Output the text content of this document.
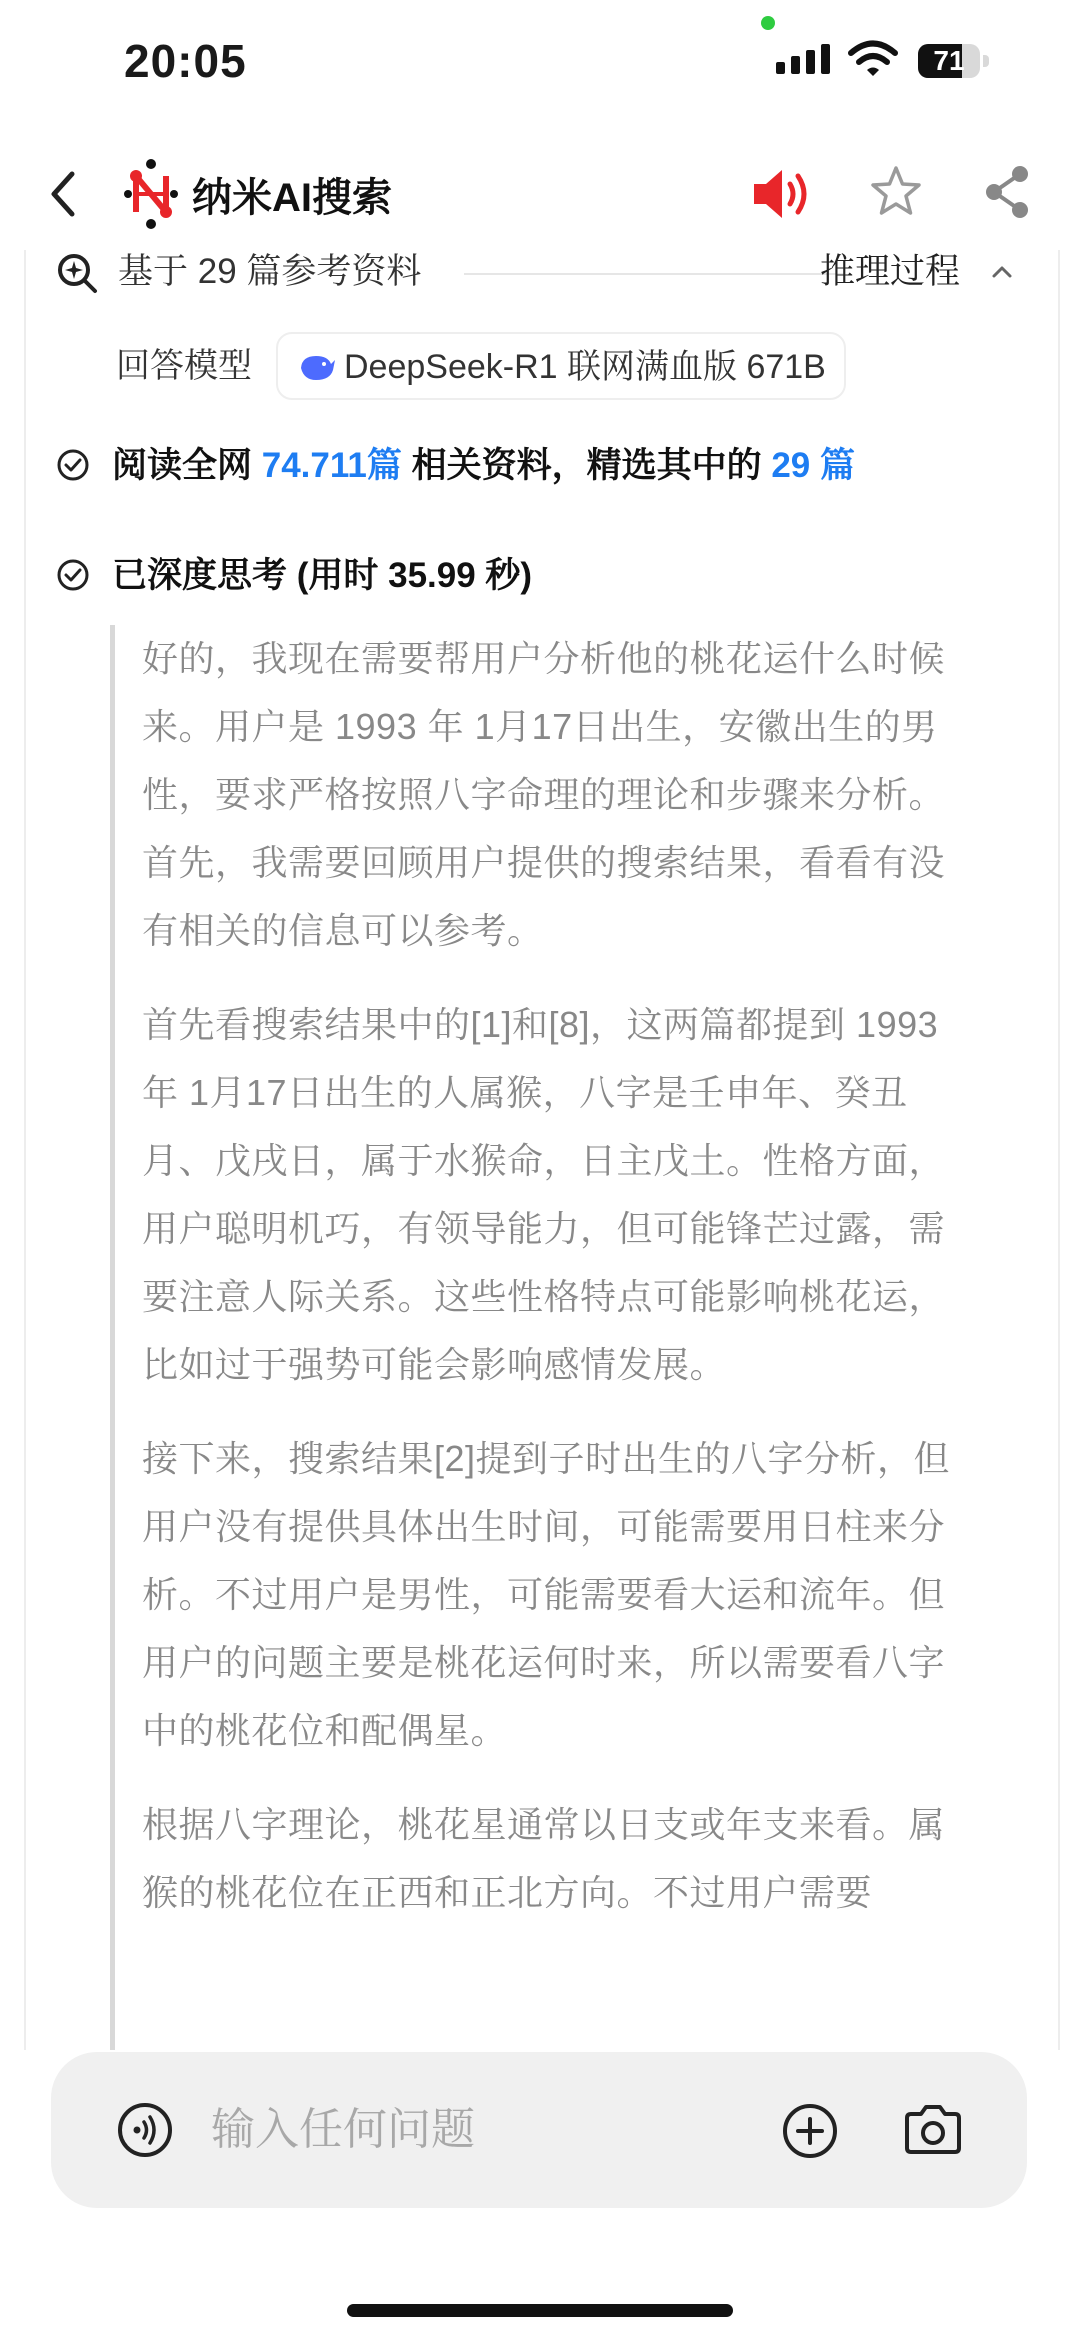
20:05	71
纳米AI搜索
基于 29 篇参考资料	推理过程
回答模型	DeepSeek-R1 联网满血版 671B
阅读全网 74.711篇 相关资料，精选其中的 29 篇
已深度思考 (用时 35.99 秒)

好的，我现在需要帮用户分析他的桃花运什么时候来。用户是 1993 年 1月17日出生，安徽出生的男性，要求严格按照八字命理的理论和步骤来分析。首先，我需要回顾用户提供的搜索结果，看看有没有相关的信息可以参考。

首先看搜索结果中的[1]和[8]，这两篇都提到 1993 年 1月17日出生的人属猴，八字是壬申年、癸丑月、戊戌日，属于水猴命，日主戊土。性格方面，用户聪明机巧，有领导能力，但可能锋芒过露，需要注意人际关系。这些性格特点可能影响桃花运，比如过于强势可能会影响感情发展。

接下来，搜索结果[2]提到子时出生的八字分析，但用户没有提供具体出生时间，可能需要用日柱来分析。不过用户是男性，可能需要看大运和流年。但用户的问题主要是桃花运何时来，所以需要看八字中的桃花位和配偶星。

根据八字理论，桃花星通常以日支或年支来看。属猴的桃花位在正西和正北方向。不过用户需要

输入任何问题
